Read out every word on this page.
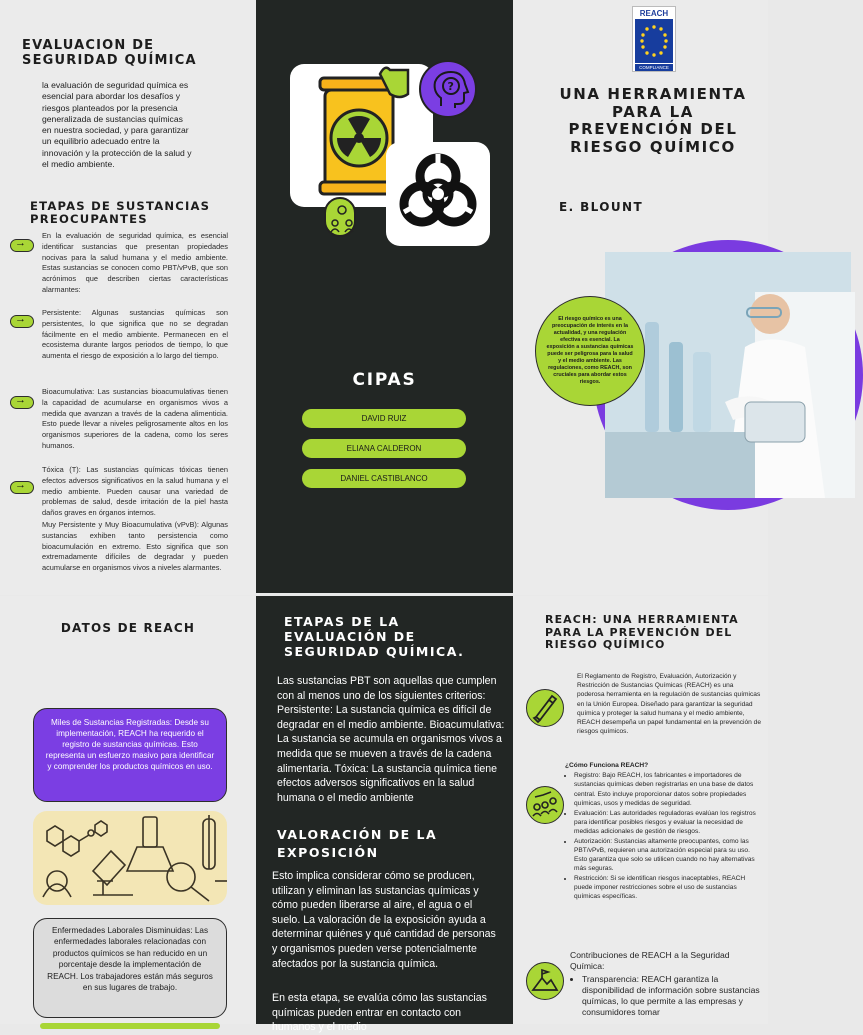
EVALUACION DE SEGURIDAD QUÍMICA

la evaluación de seguridad química es esencial para abordar los desafíos y riesgos planteados por la presencia generalizada de sustancias químicas en nuestra sociedad, y para garantizar un equilibrio adecuado entre la innovación y la protección de la salud y el medio ambiente.

ETAPAS DE SUSTANCIAS PREOCUPANTES
→

En la evaluación de seguridad química, es esencial identificar sustancias que presentan propiedades nocivas para la salud humana y el medio ambiente. Estas sustancias se conocen como PBT/vPvB, que son acrónimos que describen ciertas características alarmantes:

→

Persistente: Algunas sustancias químicas son persistentes, lo que significa que no se degradan fácilmente en el medio ambiente. Permanecen en el ecosistema durante largos periodos de tiempo, lo que aumenta el riesgo de exposición a lo largo del tiempo.

→

Bioacumulativa: Las sustancias bioacumulativas tienen la capacidad de acumularse en organismos vivos a medida que avanzan a través de la cadena alimenticia. Esto puede llevar a niveles peligrosamente altos en los organismos superiores de la cadena, como los seres humanos.

→

Tóxica (T): Las sustancias químicas tóxicas tienen efectos adversos significativos en la salud humana y el medio ambiente. Pueden causar una variedad de problemas de salud, desde irritación de la piel hasta daños graves en órganos internos.

Muy Persistente y Muy Bioacumulativa (vPvB): Algunas sustancias exhiben tanto persistencia como bioacumulación en extremo. Esto significa que son extremadamente difíciles de degradar y pueden acumularse en organismos vivos a niveles alarmantes.

?
CIPAS
DAVID RUIZ
ELIANA CALDERON
DANIEL CASTIBLANCO
REACH
COMPLIANCE
UNA HERRAMIENTA PARA LA PREVENCIÓN DEL RIESGO QUÍMICO

E. BLOUNT

El riesgo químico es una preocupación de interés en la actualidad, y una regulación efectiva es esencial. La exposición a sustancias químicas puede ser peligrosa para la salud y el medio ambiente. Las regulaciones, como REACH, son cruciales para abordar estos riesgos.
DATOS DE REACH
Miles de Sustancias Registradas: Desde su implementación, REACH ha requerido el registro de sustancias químicas. Esto representa un esfuerzo masivo para identificar y comprender los productos químicos en uso.
Enfermedades Laborales Disminuidas: Las enfermedades laborales relacionadas con productos químicos se han reducido en un porcentaje desde la implementación de REACH. Los trabajadores están más seguros en sus lugares de trabajo.
ETAPAS DE LA EVALUACIÓN DE SEGURIDAD QUÍMICA.

Las sustancias PBT son aquellas que cumplen con al menos uno de los siguientes criterios: Persistente: La sustancia química es difícil de degradar en el medio ambiente. Bioacumulativa: La sustancia se acumula en organismos vivos a medida que se mueven a través de la cadena alimentaria. Tóxica: La sustancia química tiene efectos adversos significativos en la salud humana o el medio ambiente

VALORACIÓN DE LA EXPOSICIÓN

Esto implica considerar cómo se producen, utilizan y eliminan las sustancias químicas y cómo pueden liberarse al aire, el agua o el suelo. La valoración de la exposición ayuda a determinar quiénes y qué cantidad de personas y organismos pueden verse potencialmente afectados por la sustancia química.

En esta etapa, se evalúa cómo las sustancias químicas pueden entrar en contacto con humanos y el medio

REACH: UNA HERRAMIENTA PARA LA PREVENCIÓN DEL RIESGO QUÍMICO

El Reglamento de Registro, Evaluación, Autorización y Restricción de Sustancias Químicas (REACH) es una poderosa herramienta en la regulación de sustancias químicas en la Unión Europea. Diseñado para garantizar la seguridad química y proteger la salud humana y el medio ambiente, REACH desempeña un papel fundamental en la prevención de riesgos químicos.

¿Cómo Funciona REACH?
• Registro: Bajo REACH, los fabricantes e importadores de sustancias químicas deben registrarlas en una base de datos central. Esto incluye proporcionar datos sobre propiedades químicas, usos y medidas de seguridad.
• Evaluación: Las autoridades reguladoras evalúan los registros para identificar posibles riesgos y evaluar la necesidad de medidas adicionales de gestión de riesgos.
• Autorización: Sustancias altamente preocupantes, como las PBT/vPvB, requieren una autorización especial para su uso. Esto garantiza que solo se utilicen cuando no hay alternativas más seguras.
• Restricción: Si se identifican riesgos inaceptables, REACH puede imponer restricciones sobre el uso de sustancias químicas específicas.
Contribuciones de REACH a la Seguridad Química:
• Transparencia: REACH garantiza la disponibilidad de información sobre sustancias químicas, lo que permite a las empresas y consumidores tomar
